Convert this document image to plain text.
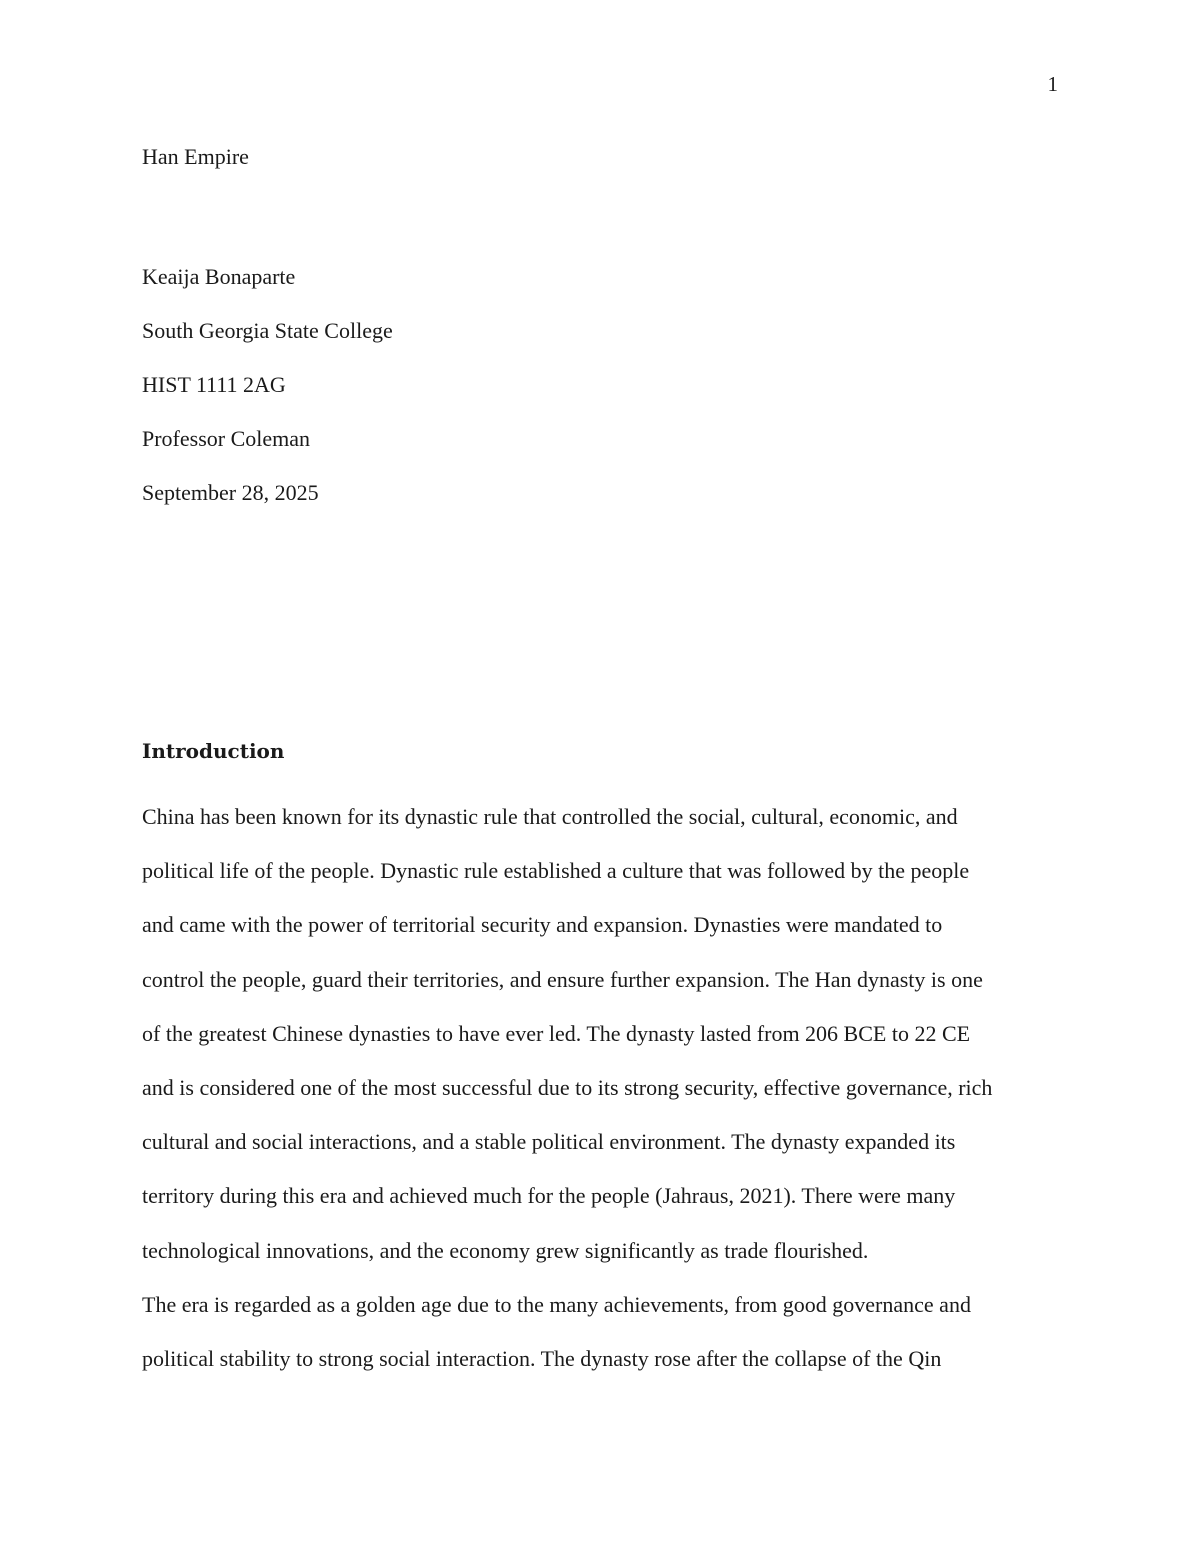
1
Han Empire
Keaija Bonaparte
South Georgia State College
HIST 1111 2AG
Professor Coleman
September 28, 2025
Introduction
China has been known for its dynastic rule that controlled the social, cultural, economic, and
political life of the people. Dynastic rule established a culture that was followed by the people
and came with the power of territorial security and expansion. Dynasties were mandated to
control the people, guard their territories, and ensure further expansion. The Han dynasty is one
of the greatest Chinese dynasties to have ever led. The dynasty lasted from 206 BCE to 22 CE
and is considered one of the most successful due to its strong security, effective governance, rich
cultural and social interactions, and a stable political environment. The dynasty expanded its
territory during this era and achieved much for the people (Jahraus, 2021). There were many
technological innovations, and the economy grew significantly as trade flourished.
The era is regarded as a golden age due to the many achievements, from good governance and
political stability to strong social interaction. The dynasty rose after the collapse of the Qin
